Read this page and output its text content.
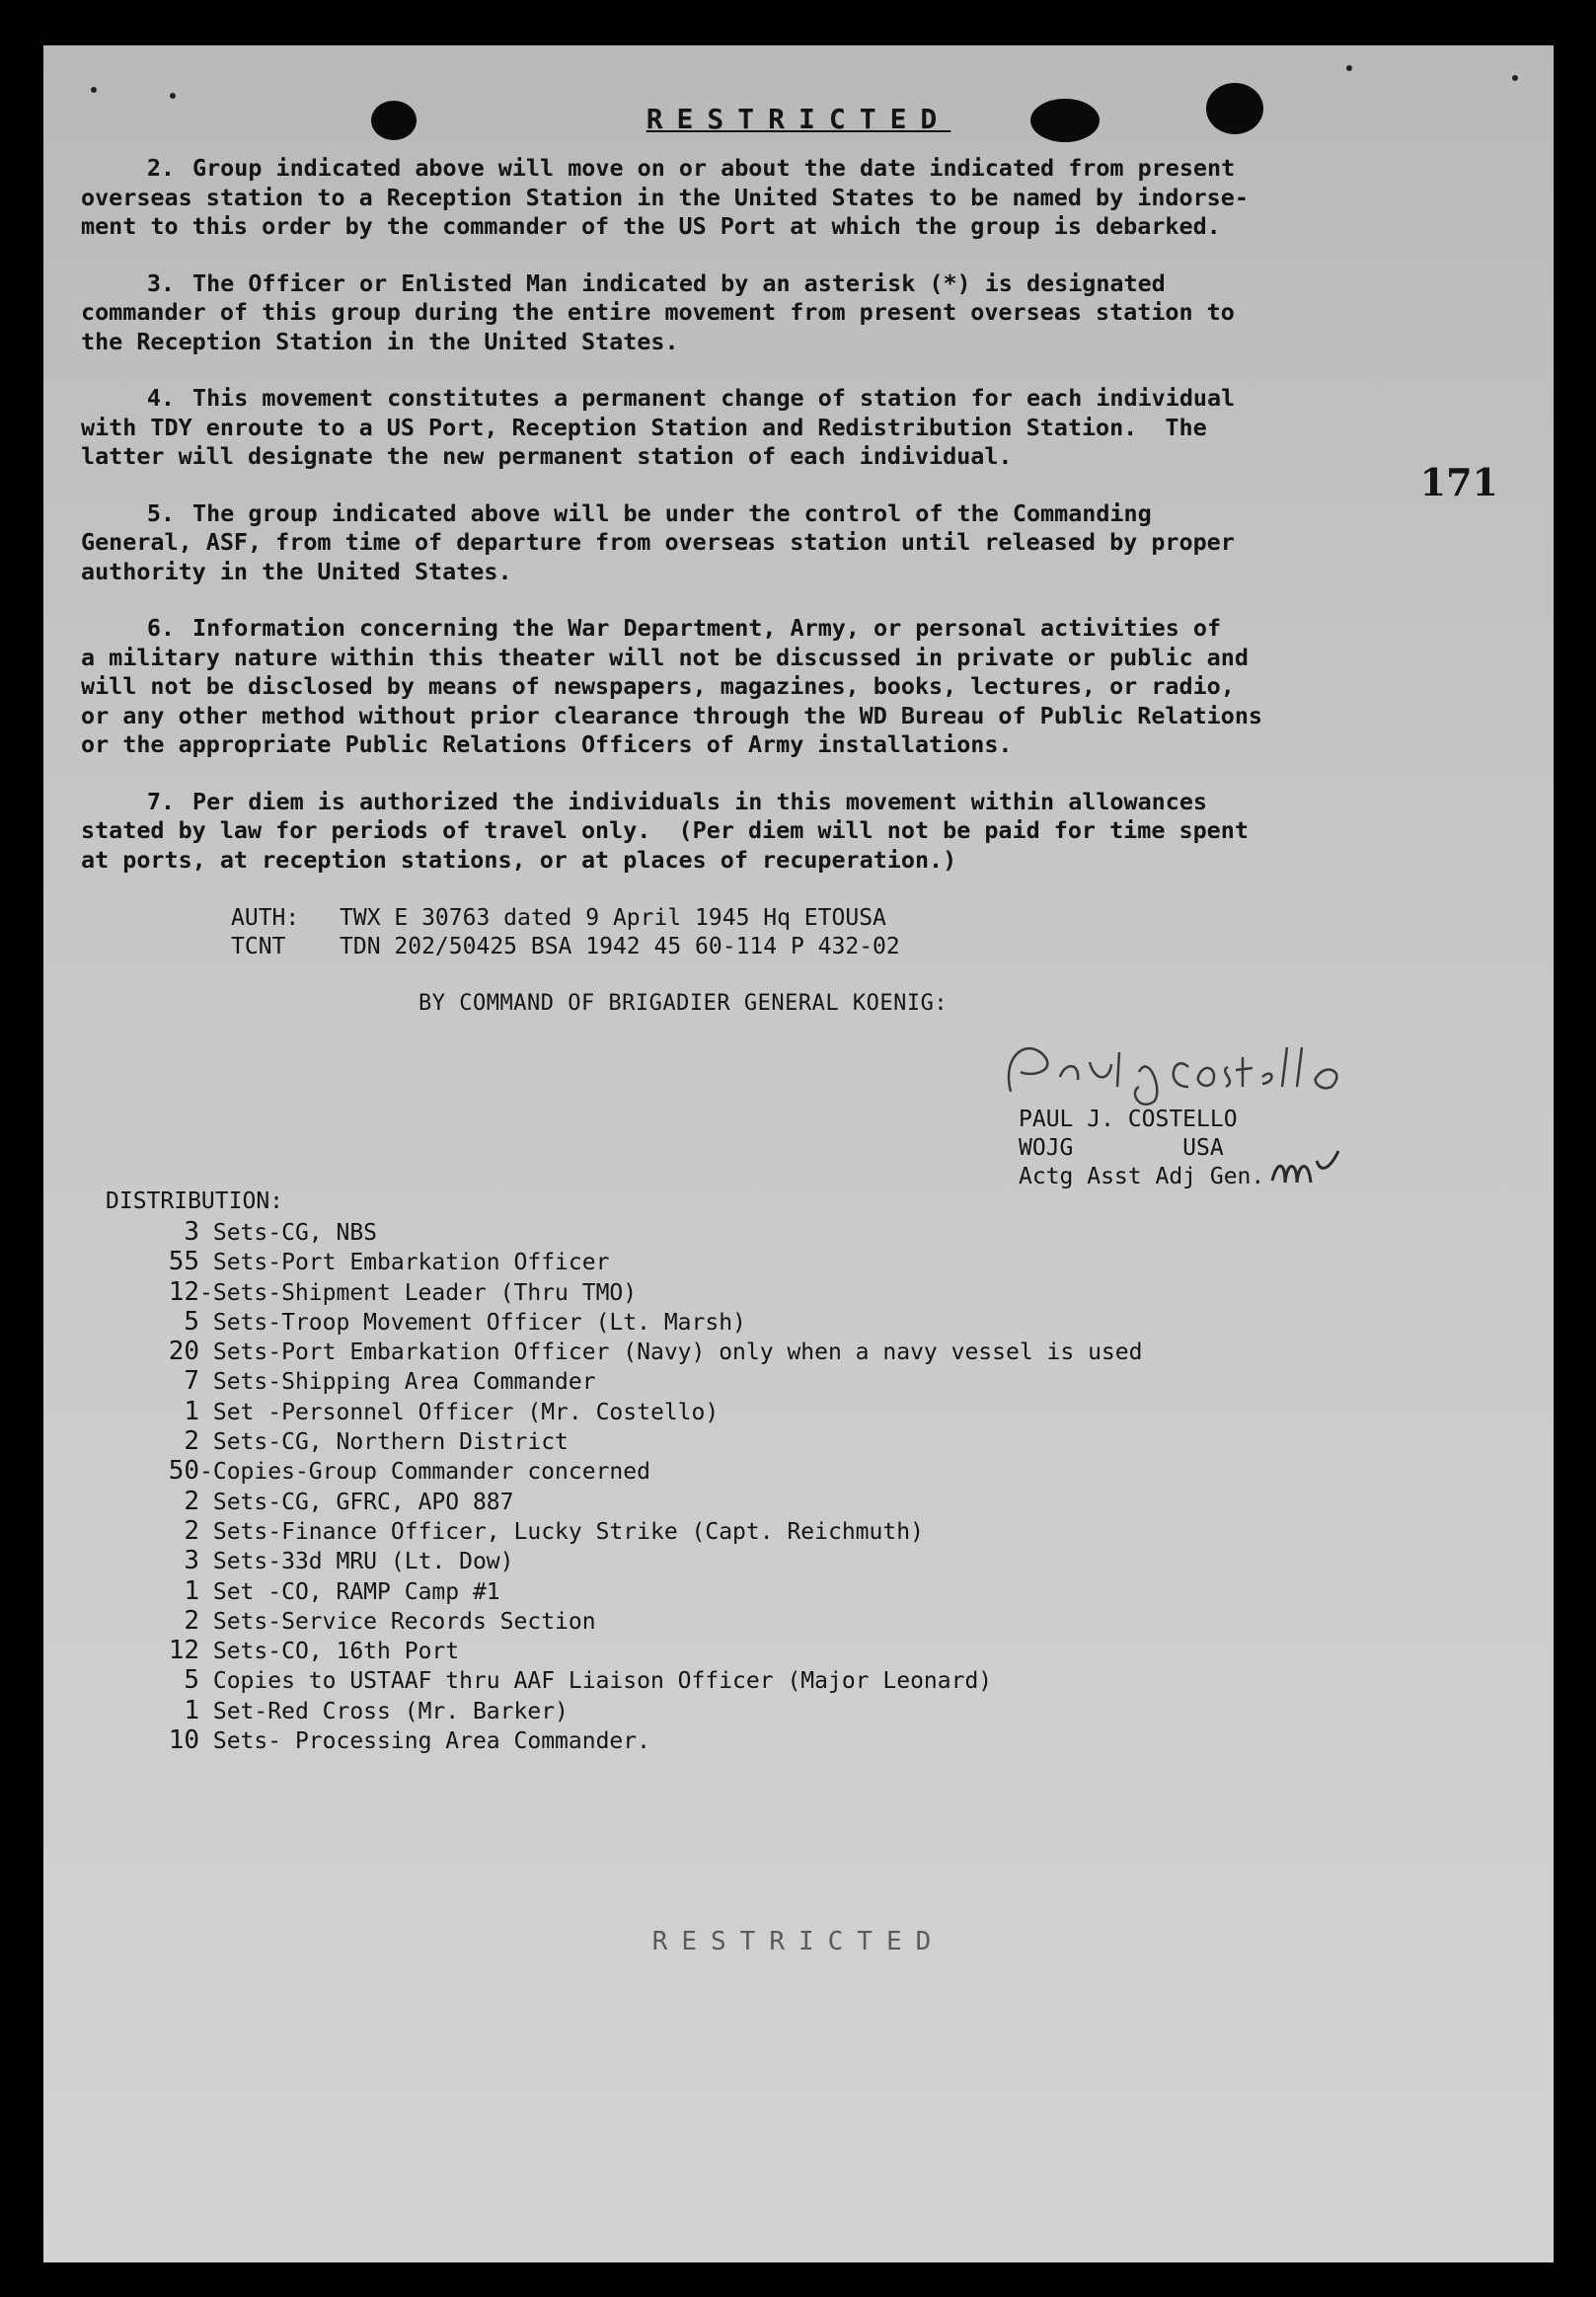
RESTRICTED

2. Group indicated above will move on or about the date indicated from present
overseas station to a Reception Station in the United States to be named by indorse-
ment to this order by the commander of the US Port at which the group is debarked.

3. The Officer or Enlisted Man indicated by an asterisk (*) is designated
commander of this group during the entire movement from present overseas station to
the Reception Station in the United States.

4. This movement constitutes a permanent change of station for each individual
with TDY enroute to a US Port, Reception Station and Redistribution Station.  The
latter will designate the new permanent station of each individual.

5. The group indicated above will be under the control of the Commanding
General, ASF, from time of departure from overseas station until released by proper
authority in the United States.

6. Information concerning the War Department, Army, or personal activities of
a military nature within this theater will not be discussed in private or public and
will not be disclosed by means of newspapers, magazines, books, lectures, or radio,
or any other method without prior clearance through the WD Bureau of Public Relations
or the appropriate Public Relations Officers of Army installations.

7. Per diem is authorized the individuals in this movement within allowances
stated by law for periods of travel only.  (Per diem will not be paid for time spent
at ports, at reception stations, or at places of recuperation.)

171
AUTH: TWX E 30763 dated 9 April 1945 Hq ETOUSA
TCNT TDN 202/50425 BSA 1942 45 60-114 P 432-02
BY COMMAND OF BRIGADIER GENERAL KOENIG:
PAUL J. COSTELLO
WOJG	USA
Actg Asst Adj Gen.
DISTRIBUTION:
3 Sets-CG, NBS
55 Sets-Port Embarkation Officer
12-Sets-Shipment Leader (Thru TMO)
5 Sets-Troop Movement Officer (Lt. Marsh)
20 Sets-Port Embarkation Officer (Navy) only when a navy vessel is used
7 Sets-Shipping Area Commander
1 Set -Personnel Officer (Mr. Costello)
2 Sets-CG, Northern District
50-Copies-Group Commander concerned
2 Sets-CG, GFRC, APO 887
2 Sets-Finance Officer, Lucky Strike (Capt. Reichmuth)
3 Sets-33d MRU (Lt. Dow)
1 Set -CO, RAMP Camp #1
2 Sets-Service Records Section
12 Sets-CO, 16th Port
5 Copies to USTAAF thru AAF Liaison Officer (Major Leonard)
1 Set-Red Cross (Mr. Barker)
10 Sets- Processing Area Commander.
RESTRICTED
